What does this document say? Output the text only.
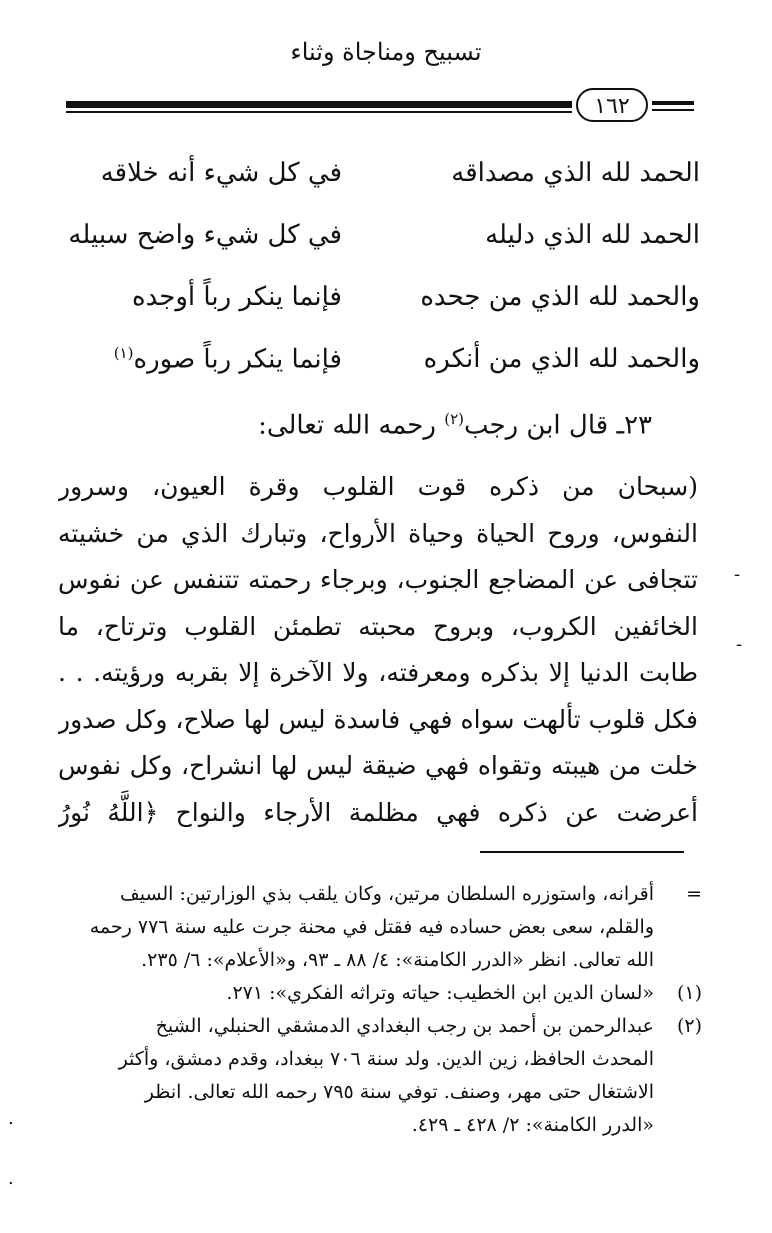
تسبيح ومناجاة وثناء
١٦٢
الحمد لله الذي مصداقه
في كل شيء أنه خلاقه
الحمد لله الذي دليله
في كل شيء واضح سبيله
والحمد لله الذي من جحده
فإنما ينكر رباً أوجده
والحمد لله الذي من أنكره
فإنما ينكر رباً صوره$^{(١)}$
٢٣ـ قال ابن رجب$^{(٢)}$ رحمه الله تعالى:
(سبحان من ذكره قوت القلوب وقرة العيون، وسرور
النفوس، وروح الحياة وحياة الأرواح، وتبارك الذي من خشيته
تتجافى عن المضاجع الجنوب، وبرجاء رحمته تتنفس عن نفوس
الخائفين الكروب، وبروح محبته تطمئن القلوب وترتاح، ما
طابت الدنيا إلا بذكره ومعرفته، ولا الآخرة إلا بقربه ورؤيته. . .
فكل قلوب تألهت سواه فهي فاسدة ليس لها صلاح، وكل صدور
خلت من هيبته وتقواه فهي ضيقة ليس لها انشراح، وكل نفوس
أعرضت عن ذكره فهي مظلمة الأرجاء والنواح ﴿اللَّهُ نُورُ
=
أقرانه، واستوزره السلطان مرتين، وكان يلقب بذي الوزارتين: السيف
والقلم، سعى بعض حساده فيه فقتل في محنة جرت عليه سنة ٧٧٦ رحمه
الله تعالى. انظر «الدرر الكامنة»: ٤/ ٨٨ ـ ٩٣، و«الأعلام»: ٦/ ٢٣٥.
(١)
«لسان الدين ابن الخطيب: حياته وتراثه الفكري»: ٢٧١.
(٢)
عبدالرحمن بن أحمد بن رجب البغدادي الدمشقي الحنبلي، الشيخ
المحدث الحافظ، زين الدين. ولد سنة ٧٠٦ ببغداد، وقدم دمشق، وأكثر
الاشتغال حتى مهر، وصنف. توفي سنة ٧٩٥ رحمه الله تعالى. انظر
«الدرر الكامنة»: ٢/ ٤٢٨ ـ ٤٢٩.
-
-
.
.
